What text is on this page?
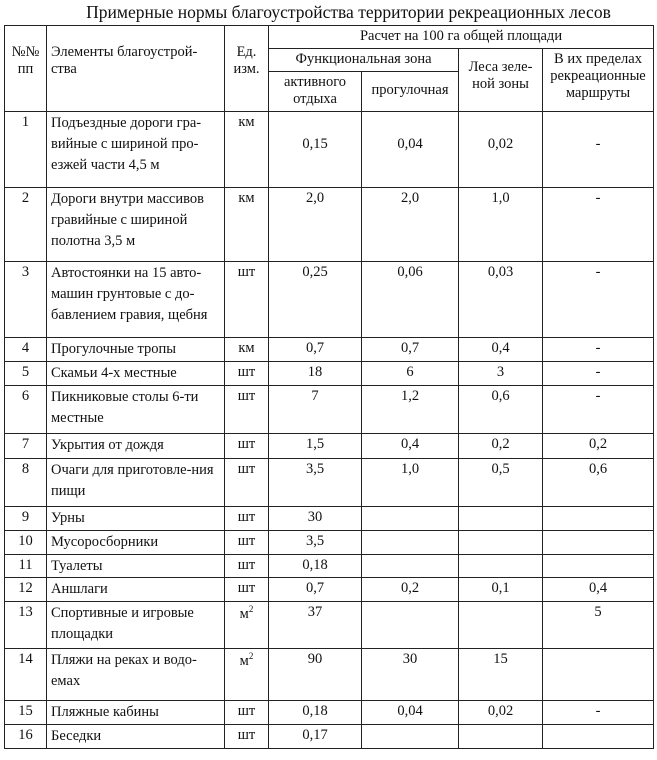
Примерные нормы благоустройства территории рекреационных лесов
№№ пп	Элементы благоустрой-ства	Ед. изм.	Расчет на 100 га общей площади			
			Функциональная зона		Леса зеле-ной зоны	В их пределах рекреационные маршруты
			активного отдыха	прогулочная		
1	Подъездные дороги гра-вийные с шириной про-езжей части 4,5 м	км	0,15	0,04	0,02	-
2	Дороги внутри массивов гравийные с шириной полотна 3,5 м	км	2,0	2,0	1,0	-
3	Автостоянки на 15 авто-машин грунтовые с до-бавлением гравия, щебня	шт	0,25	0,06	0,03	-
4	Прогулочные тропы	км	0,7	0,7	0,4	-
5	Скамьи 4-х местные	шт	18	6	3	-
6	Пикниковые столы 6-ти местные	шт	7	1,2	0,6	-
7	Укрытия от дождя	шт	1,5	0,4	0,2	0,2
8	Очаги для приготовле-ния пищи	шт	3,5	1,0	0,5	0,6
9	Урны	шт	30			
10	Мусоросборники	шт	3,5			
11	Туалеты	шт	0,18			
12	Аншлаги	шт	0,7	0,2	0,1	0,4
13	Спортивные и игровые площадки	$м^2$	37			5
14	Пляжи на реках и водо-емах	$м^2$	90	30	15	
15	Пляжные кабины	шт	0,18	0,04	0,02	-
16	Беседки	шт	0,17			
